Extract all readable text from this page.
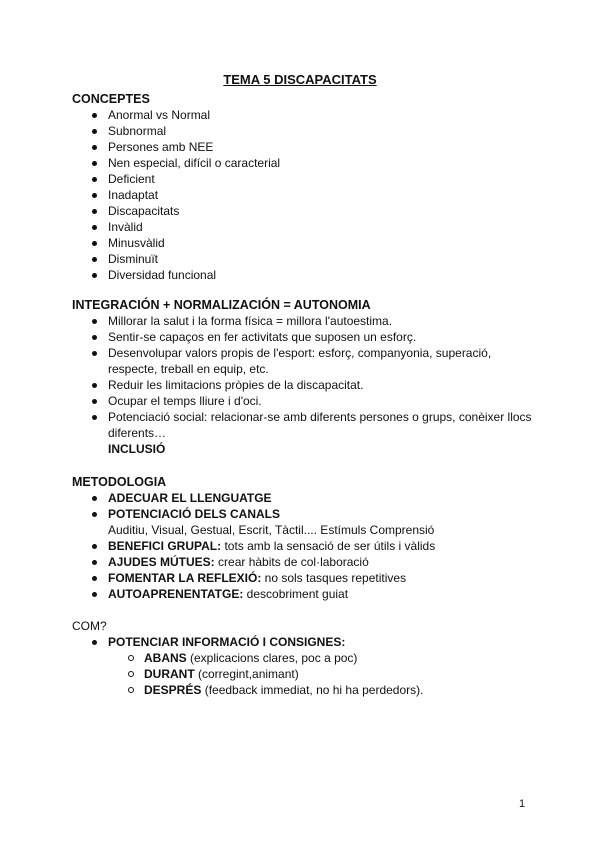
TEMA 5 DISCAPACITATS
CONCEPTES
Anormal vs Normal
Subnormal
Persones amb NEE
Nen especial, difícil o caracterial
Deficient
Inadaptat
Discapacitats
Invàlid
Minusvàlid
Disminuït
Diversidad funcional
INTEGRACIÓN + NORMALIZACIÓN = AUTONOMIA
Millorar la salut i la forma física = millora l'autoestima.
Sentir-se capaços en fer activitats que suposen un esforç.
Desenvolupar valors propis de l'esport: esforç, companyonia, superació, respecte, treball en equip, etc.
Reduir les limitacions pròpies de la discapacitat.
Ocupar el temps lliure i d'oci.
Potenciació social: relacionar-se amb diferents persones o grups, conèixer llocs diferents…
INCLUSIÓ
METODOLOGIA
ADECUAR EL LLENGUATGE
POTENCIACIÓ DELS CANALS
Auditiu, Visual, Gestual, Escrit, Tàctil.... Estímuls Comprensió
BENEFICI GRUPAL: tots amb la sensació de ser útils i vàlids
AJUDES MÚTUES: crear hàbits de col·laboració
FOMENTAR LA REFLEXIÓ: no sols tasques repetitives
AUTOAPRENENTATGE: descobriment guiat
COM?
POTENCIAR INFORMACIÓ I CONSIGNES:
ABANS (explicacions clares, poc a poc)
DURANT (corregint,animant)
DESPRÉS (feedback immediat, no hi ha perdedors).
1
